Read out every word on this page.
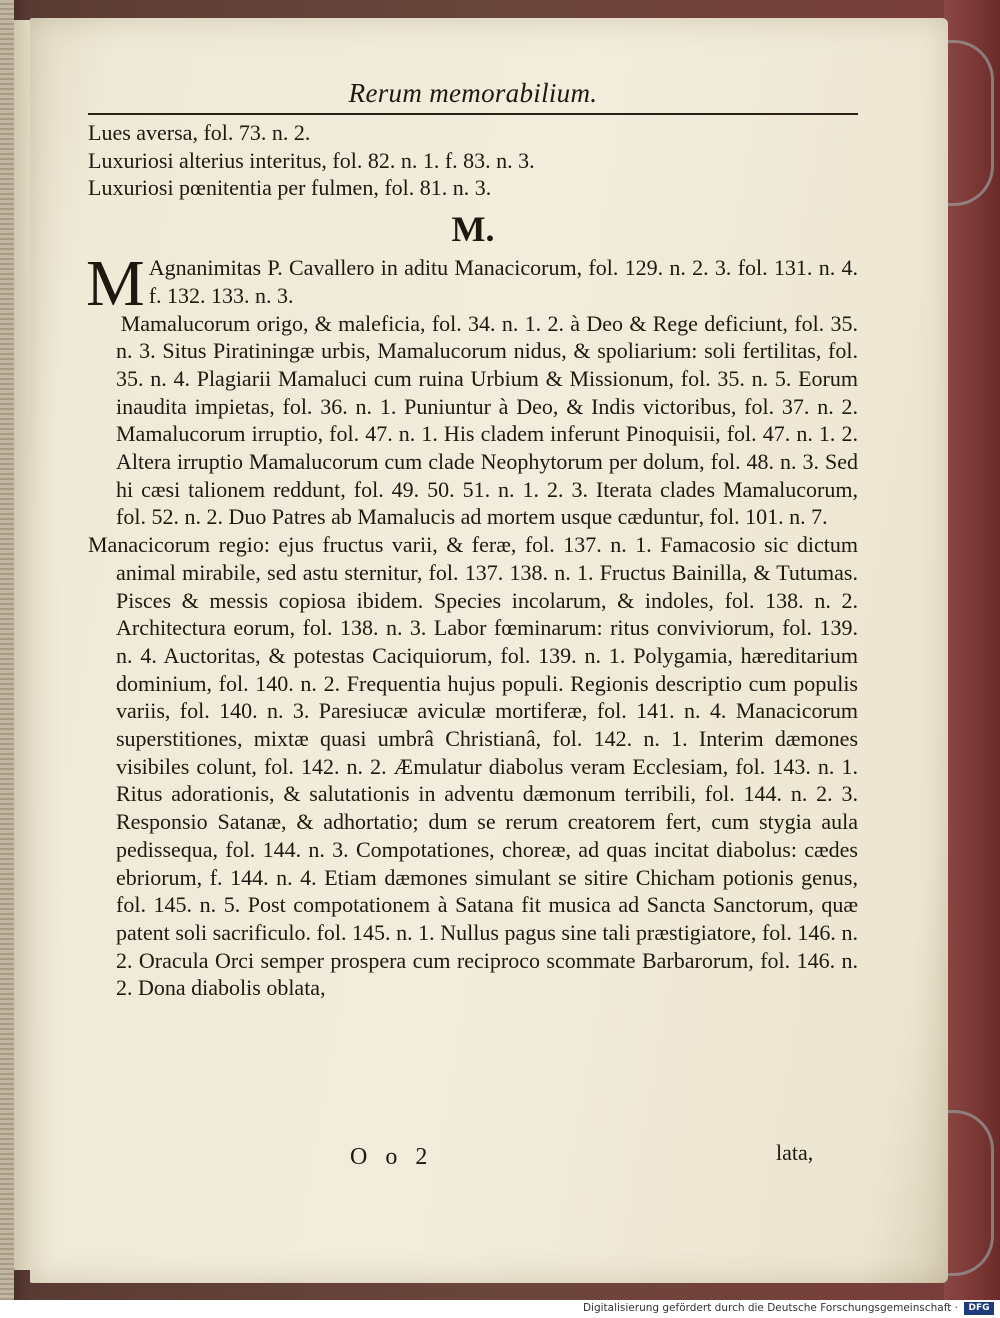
Rerum memorabilium.

Lues aversa, fol. 73. n. 2.

Luxuriosi alterius interitus, fol. 82. n. 1. f. 83. n. 3.

Luxuriosi pœnitentia per fulmen, fol. 81. n. 3.

M.
M Agnanimitas P. Cavallero in aditu Manacicorum, fol. 129. n. 2. 3. fol. 131. n. 4. f. 132. 133. n. 3.

Mamalucorum origo, & maleficia, fol. 34. n. 1. 2. à Deo & Rege deficiunt, fol. 35. n. 3. Situs Piratiningæ urbis, Mamalucorum nidus, & spoliarium: soli fertilitas, fol. 35. n. 4. Plagiarii Mamaluci cum ruina Urbium & Missionum, fol. 35. n. 5. Eorum inaudita impietas, fol. 36. n. 1. Puniuntur à Deo, & Indis victoribus, fol. 37. n. 2. Mamalucorum irruptio, fol. 47. n. 1. His cladem inferunt Pinoquisii, fol. 47. n. 1. 2. Altera irruptio Mamalucorum cum clade Neophytorum per dolum, fol. 48. n. 3. Sed hi cæsi talionem reddunt, fol. 49. 50. 51. n. 1. 2. 3. Iterata clades Mamalucorum, fol. 52. n. 2. Duo Patres ab Mamalucis ad mortem usque cæduntur, fol. 101. n. 7.

Manacicorum regio: ejus fructus varii, & feræ, fol. 137. n. 1. Famacosio sic dictum animal mirabile, sed astu sternitur, fol. 137. 138. n. 1. Fructus Bainilla, & Tutumas. Pisces & messis copiosa ibidem. Species incolarum, & indoles, fol. 138. n. 2. Architectura eorum, fol. 138. n. 3. Labor fœminarum: ritus conviviorum, fol. 139. n. 4. Auctoritas, & potestas Caciquiorum, fol. 139. n. 1. Polygamia, hæreditarium dominium, fol. 140. n. 2. Frequentia hujus populi. Regionis descriptio cum populis variis, fol. 140. n. 3. Paresiucæ aviculæ mortiferæ, fol. 141. n. 4. Manacicorum superstitiones, mixtæ quasi umbrâ Christianâ, fol. 142. n. 1. Interim dæmones visibiles colunt, fol. 142. n. 2. Æmulatur diabolus veram Ecclesiam, fol. 143. n. 1. Ritus adorationis, & salutationis in adventu dæmonum terribili, fol. 144. n. 2. 3. Responsio Satanæ, & adhortatio; dum se rerum creatorem fert, cum stygia aula pedissequa, fol. 144. n. 3. Compotationes, choreæ, ad quas incitat diabolus: cædes ebriorum, f. 144. n. 4. Etiam dæmones simulant se sitire Chicham potionis genus, fol. 145. n. 5. Post compotationem à Satana fit musica ad Sancta Sanctorum, quæ patent soli sacrificulo. fol. 145. n. 1. Nullus pagus sine tali præstigiatore, fol. 146. n. 2. Oracula Orci semper prospera cum reciproco scommate Barbarorum, fol. 146. n. 2. Dona diabolis oblata,

O o 2	lata,
Digitalisierung gefördert durch die Deutsche Forschungsgemeinschaft ·	DFG
